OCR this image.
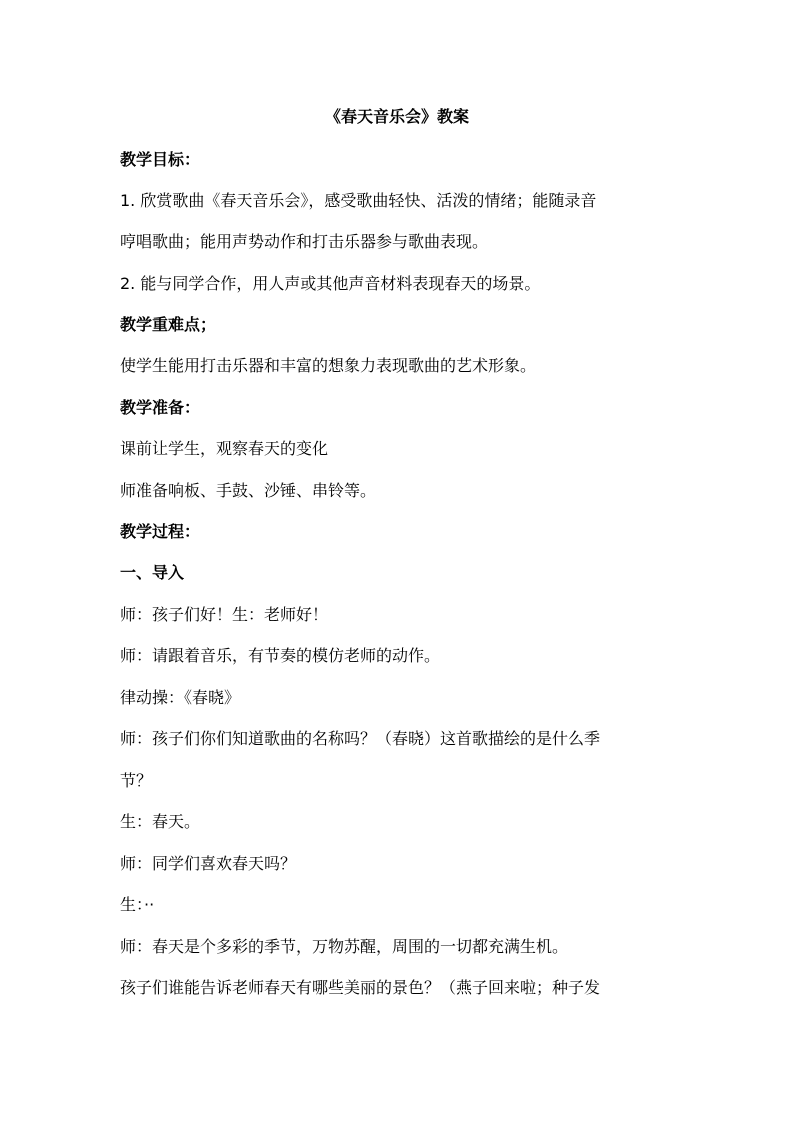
《春天音乐会》教案
教学目标：
1. 欣赏歌曲《春天音乐会》，感受歌曲轻快、活泼的情绪；能随录音
哼唱歌曲；能用声势动作和打击乐器参与歌曲表现。
2. 能与同学合作，用人声或其他声音材料表现春天的场景。
教学重难点；
使学生能用打击乐器和丰富的想象力表现歌曲的艺术形象。
教学准备：
课前让学生，观察春天的变化
师准备响板、手鼓、沙锤、串铃等。
教学过程：
一、导入
师：孩子们好！生：老师好！
师：请跟着音乐，有节奏的模仿老师的动作。
律动操：《春晓》
师：孩子们你们知道歌曲的名称吗？（春晓）这首歌描绘的是什么季
节？
生：春天。
师：同学们喜欢春天吗？
生：··
师：春天是个多彩的季节，万物苏醒，周围的一切都充满生机。
孩子们谁能告诉老师春天有哪些美丽的景色？（燕子回来啦；种子发
